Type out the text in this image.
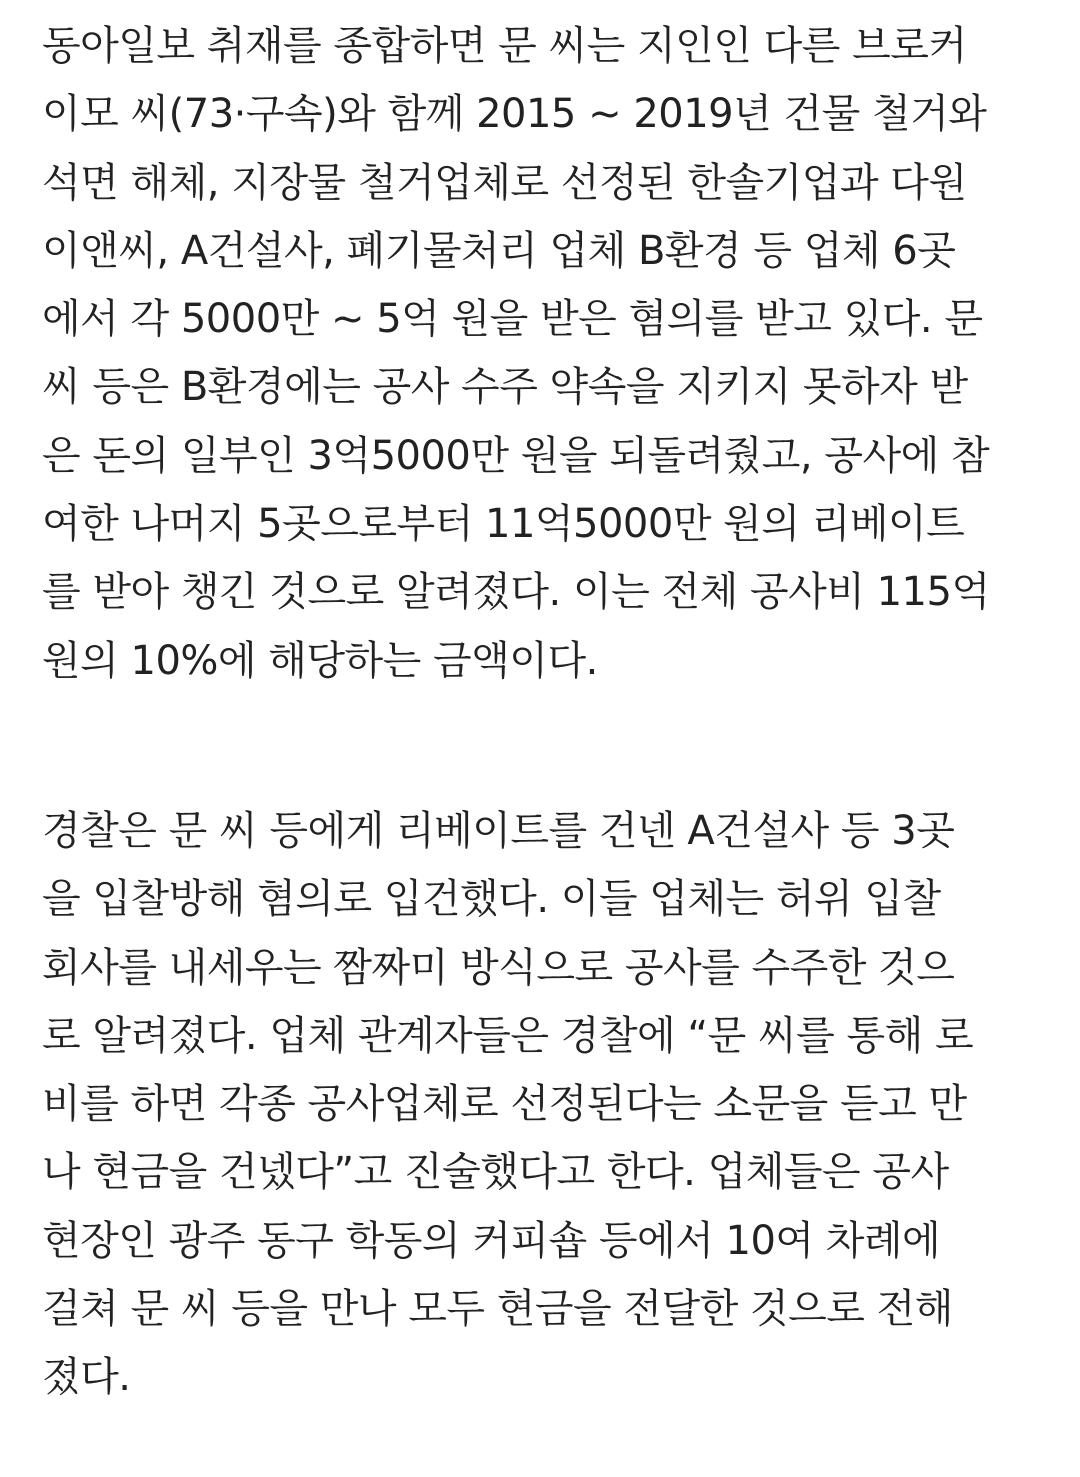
동아일보 취재를 종합하면 문 씨는 지인인 다른 브로커
이모 씨(73·구속)와 함께 2015 ~ 2019년 건물 철거와
석면 해체, 지장물 철거업체로 선정된 한솔기업과 다원
이앤씨, A건설사, 폐기물처리 업체 B환경 등 업체 6곳
에서 각 5000만 ~ 5억 원을 받은 혐의를 받고 있다. 문
씨 등은 B환경에는 공사 수주 약속을 지키지 못하자 받
은 돈의 일부인 3억5000만 원을 되돌려줬고, 공사에 참
여한 나머지 5곳으로부터 11억5000만 원의 리베이트
를 받아 챙긴 것으로 알려졌다. 이는 전체 공사비 115억
원의 10%에 해당하는 금액이다.
경찰은 문 씨 등에게 리베이트를 건넨 A건설사 등 3곳
을 입찰방해 혐의로 입건했다. 이들 업체는 허위 입찰
회사를 내세우는 짬짜미 방식으로 공사를 수주한 것으
로 알려졌다. 업체 관계자들은 경찰에 “문 씨를 통해 로
비를 하면 각종 공사업체로 선정된다는 소문을 듣고 만
나 현금을 건넸다”고 진술했다고 한다. 업체들은 공사
현장인 광주 동구 학동의 커피숍 등에서 10여 차례에
걸쳐 문 씨 등을 만나 모두 현금을 전달한 것으로 전해
졌다.
